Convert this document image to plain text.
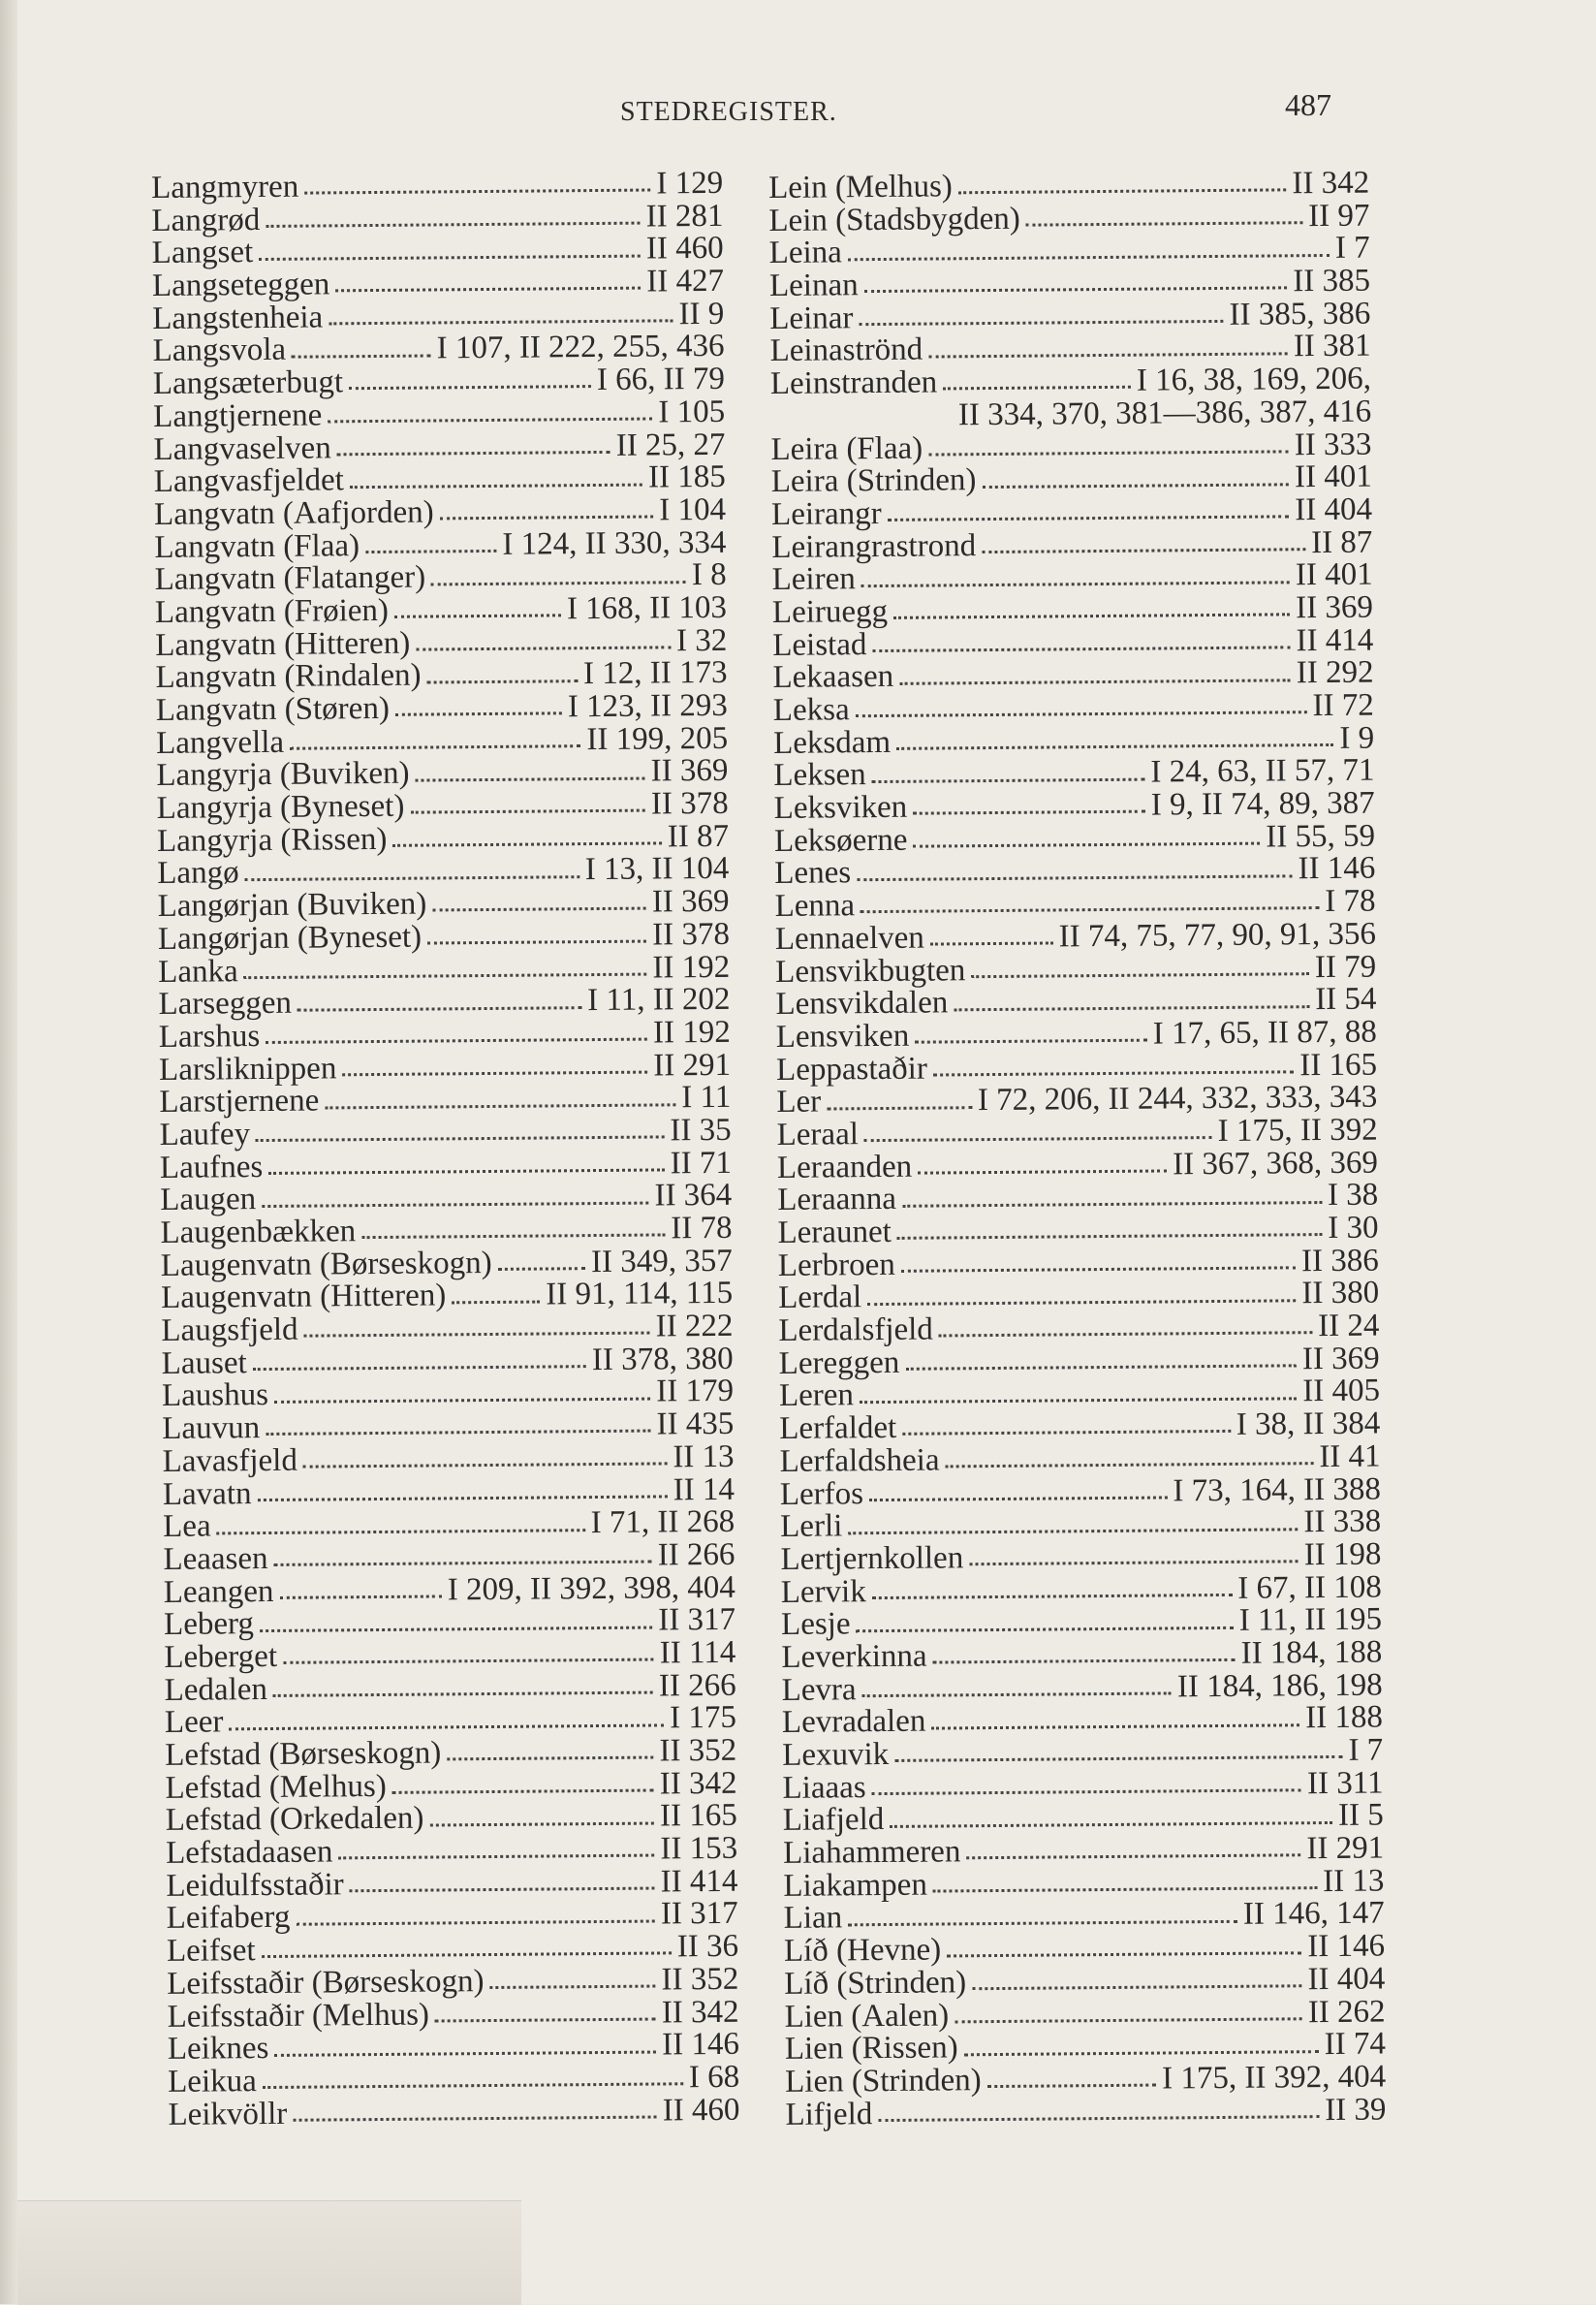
STEDREGISTER.	487
Langmyren	I 129
Langrød	II 281
Langset	II 460
Langseteggen	II 427
Langstenheia	II 9
Langsvola	I 107, II 222, 255, 436
Langsæterbugt	I 66, II 79
Langtjernene	I 105
Langvaselven	II 25, 27
Langvasfjeldet	II 185
Langvatn (Aafjorden)	I 104
Langvatn (Flaa)	I 124, II 330, 334
Langvatn (Flatanger)	I 8
Langvatn (Frøien)	I 168, II 103
Langvatn (Hitteren)	I 32
Langvatn (Rindalen)	I 12, II 173
Langvatn (Støren)	I 123, II 293
Langvella	II 199, 205
Langyrja (Buviken)	II 369
Langyrja (Byneset)	II 378
Langyrja (Rissen)	II 87
Langø	I 13, II 104
Langørjan (Buviken)	II 369
Langørjan (Byneset)	II 378
Lanka	II 192
Larseggen	I 11, II 202
Larshus	II 192
Larsliknippen	II 291
Larstjernene	I 11
Laufey	II 35
Laufnes	II 71
Laugen	II 364
Laugenbækken	II 78
Laugenvatn (Børseskogn)	II 349, 357
Laugenvatn (Hitteren)	II 91, 114, 115
Laugsfjeld	II 222
Lauset	II 378, 380
Laushus	II 179
Lauvun	II 435
Lavasfjeld	II 13
Lavatn	II 14
Lea	I 71, II 268
Leaasen	II 266
Leangen	I 209, II 392, 398, 404
Leberg	II 317
Leberget	II 114
Ledalen	II 266
Leer	I 175
Lefstad (Børseskogn)	II 352
Lefstad (Melhus)	II 342
Lefstad (Orkedalen)	II 165
Lefstadaasen	II 153
Leidulfsstaðir	II 414
Leifaberg	II 317
Leifset	II 36
Leifsstaðir (Børseskogn)	II 352
Leifsstaðir (Melhus)	II 342
Leiknes	II 146
Leikua	I 68
Leikvöllr	II 460
Lein (Melhus)	II 342
Lein (Stadsbygden)	II 97
Leina	I 7
Leinan	II 385
Leinar	II 385, 386
Leinaströnd	II 381
Leinstranden	I 16, 38, 169, 206,
II 334, 370, 381—386, 387, 416
Leira (Flaa)	II 333
Leira (Strinden)	II 401
Leirangr	II 404
Leirangrastrond	II 87
Leiren	II 401
Leiruegg	II 369
Leistad	II 414
Lekaasen	II 292
Leksa	II 72
Leksdam	I 9
Leksen	I 24, 63, II 57, 71
Leksviken	I 9, II 74, 89, 387
Leksøerne	II 55, 59
Lenes	II 146
Lenna	I 78
Lennaelven	II 74, 75, 77, 90, 91, 356
Lensvikbugten	II 79
Lensvikdalen	II 54
Lensviken	I 17, 65, II 87, 88
Leppastaðir	II 165
Ler	I 72, 206, II 244, 332, 333, 343
Leraal	I 175, II 392
Leraanden	II 367, 368, 369
Leraanna	I 38
Leraunet	I 30
Lerbroen	II 386
Lerdal	II 380
Lerdalsfjeld	II 24
Lereggen	II 369
Leren	II 405
Lerfaldet	I 38, II 384
Lerfaldsheia	II 41
Lerfos	I 73, 164, II 388
Lerli	II 338
Lertjernkollen	II 198
Lervik	I 67, II 108
Lesje	I 11, II 195
Leverkinna	II 184, 188
Levra	II 184, 186, 198
Levradalen	II 188
Lexuvik	I 7
Liaaas	II 311
Liafjeld	II 5
Liahammeren	II 291
Liakampen	II 13
Lian	II 146, 147
Líð (Hevne)	II 146
Líð (Strinden)	II 404
Lien (Aalen)	II 262
Lien (Rissen)	II 74
Lien (Strinden)	I 175, II 392, 404
Lifjeld	II 39
